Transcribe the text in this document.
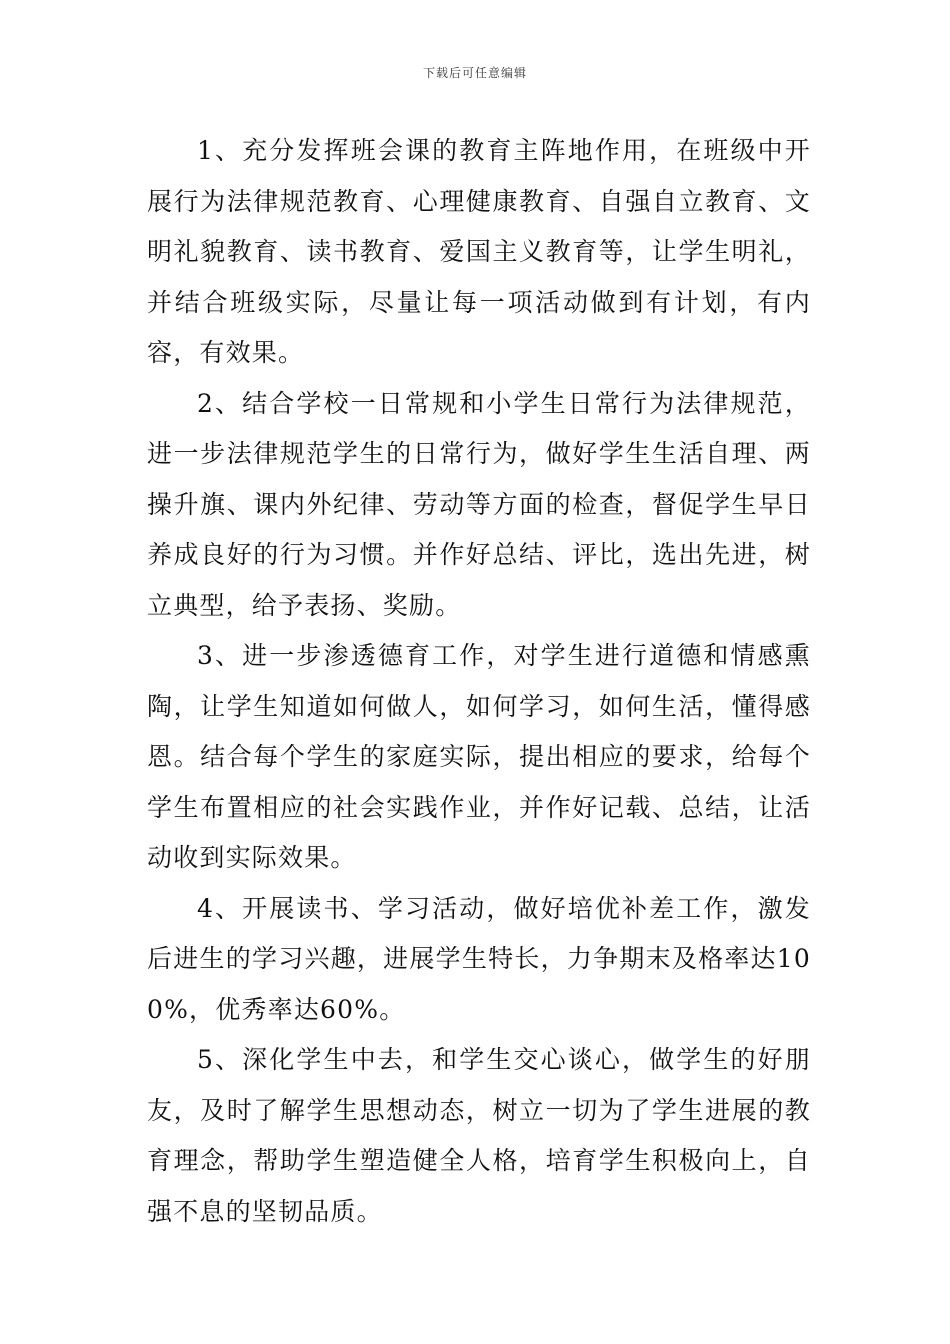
下载后可任意编辑

1、充分发挥班会课的教育主阵地作用，在班级中开展行为法律规范教育、心理健康教育、自强自立教育、文明礼貌教育、读书教育、爱国主义教育等，让学生明礼，并结合班级实际，尽量让每一项活动做到有计划，有内容，有效果。

2、结合学校一日常规和小学生日常行为法律规范，进一步法律规范学生的日常行为，做好学生生活自理、两操升旗、课内外纪律、劳动等方面的检查，督促学生早日养成良好的行为习惯。并作好总结、评比，选出先进，树立典型，给予表扬、奖励。

3、进一步渗透德育工作，对学生进行道德和情感熏陶，让学生知道如何做人，如何学习，如何生活，懂得感恩。结合每个学生的家庭实际，提出相应的要求，给每个学生布置相应的社会实践作业，并作好记载、总结，让活动收到实际效果。

4、开展读书、学习活动，做好培优补差工作，激发后进生的学习兴趣，进展学生特长，力争期末及格率达100%，优秀率达60%。

5、深化学生中去，和学生交心谈心，做学生的好朋友，及时了解学生思想动态，树立一切为了学生进展的教育理念，帮助学生塑造健全人格，培育学生积极向上，自强不息的坚韧品质。
